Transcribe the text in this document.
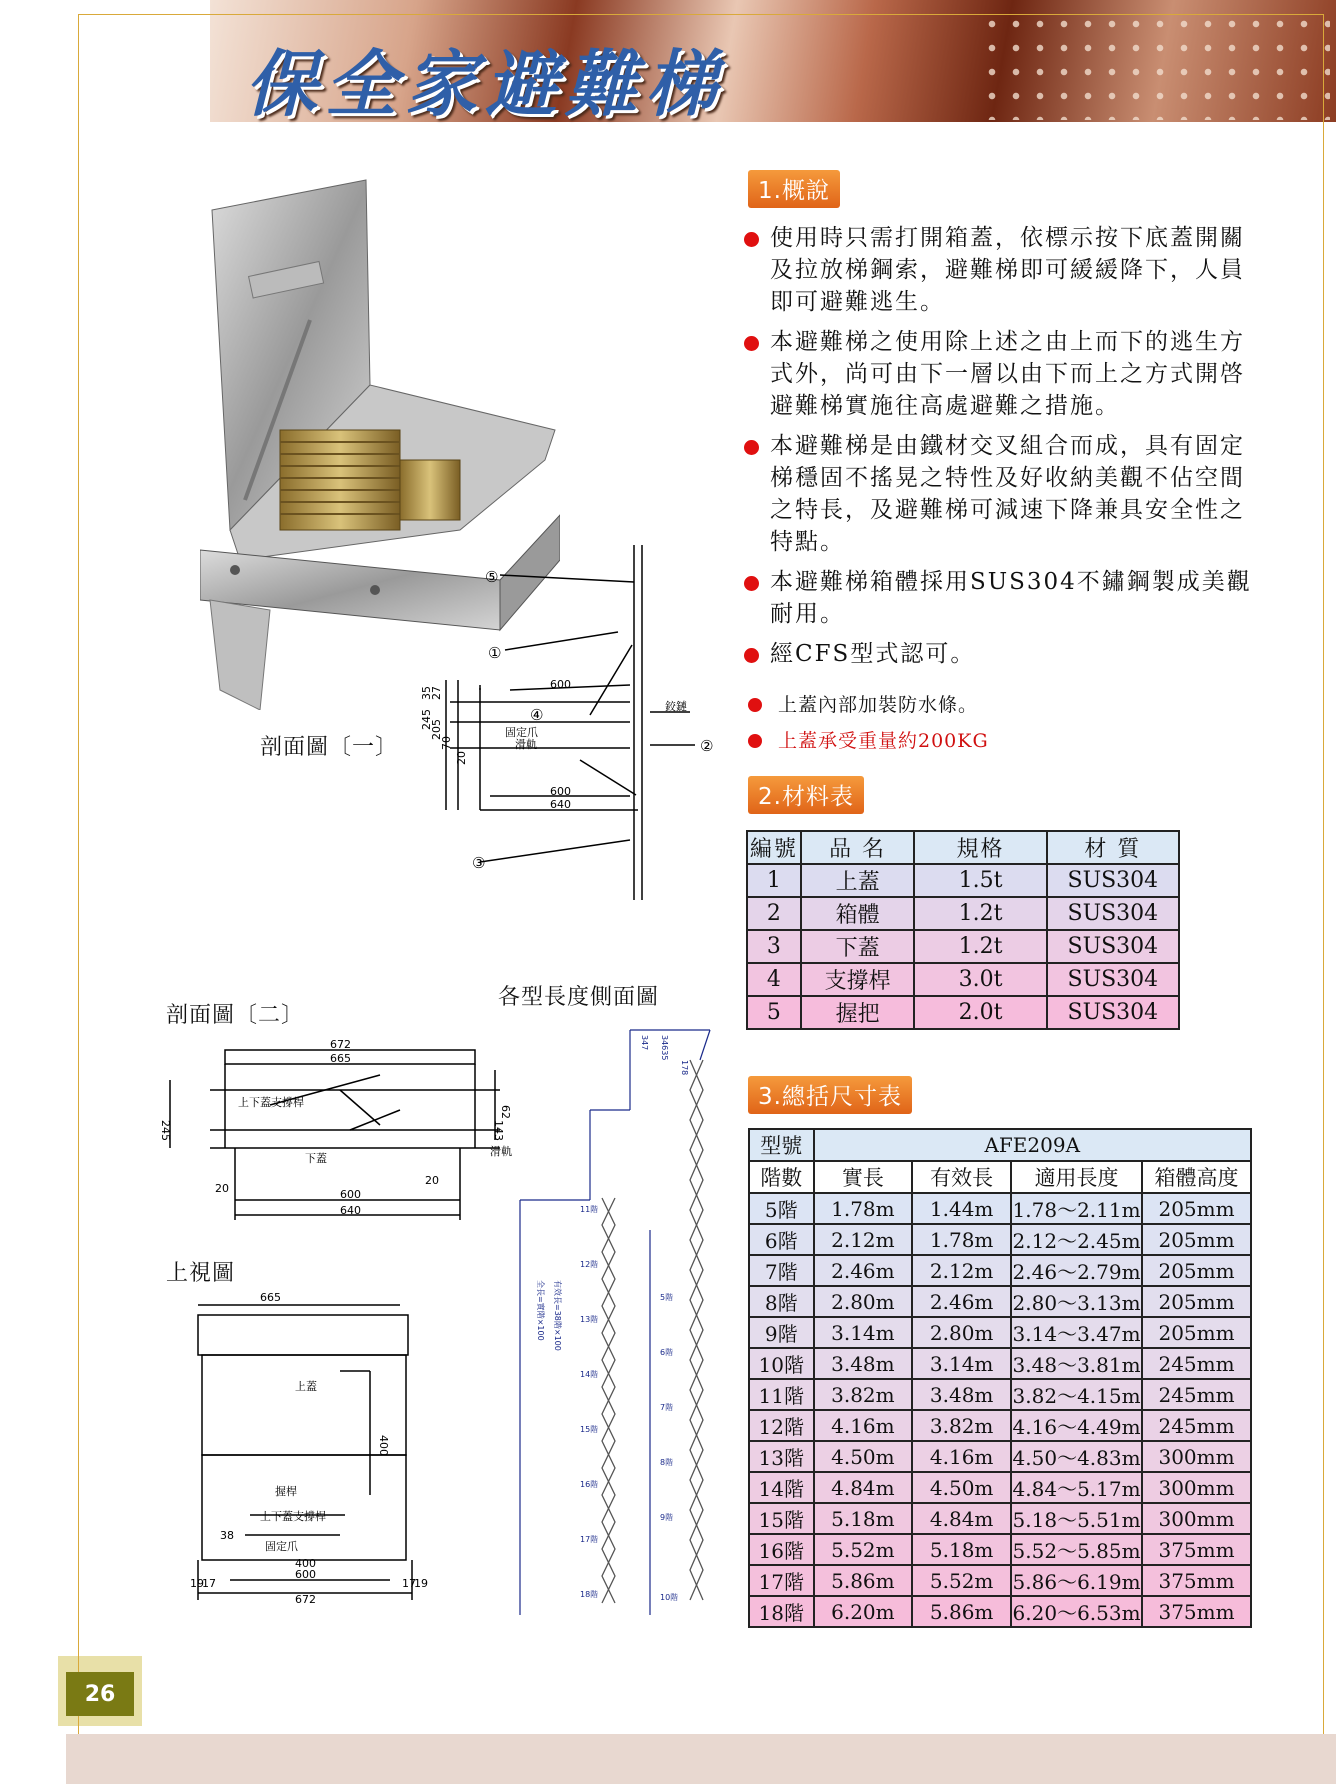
保全家避難梯
600
600
640
鉸鏈
固定爪
滑軌
35
27
245
205
70
20
④
②
③
⑤
①
剖面圖〔一〕
剖面圖〔二〕
672
665
600
640
上下蓋支撐桿
下蓋
滑軌
20
20
62
143
245
上視圖
665
上蓋
握桿
上下蓋支撐桿
固定爪
38
400
600
672
400
19
17	17
19
各型長度側面圖
11階
12階
13階
14階
15階
16階
17階
18階
5階
6階
7階
8階
9階
10階
347 34635
178
有效長=38階×100
全長=實階×100
1.概說
使用時只需打開箱蓋，依標示按下底蓋開關及拉放梯鋼索，避難梯即可緩緩降下，人員即可避難逃生。
本避難梯之使用除上述之由上而下的逃生方式外，尚可由下一層以由下而上之方式開啓避難梯實施往高處避難之措施。
本避難梯是由鐵材交叉組合而成，具有固定梯穩固不搖晃之特性及好收納美觀不佔空間之特長，及避難梯可減速下降兼具安全性之特點。
本避難梯箱體採用SUS304不鏽鋼製成美觀耐用。
經CFS型式認可。
上蓋內部加裝防水條。
上蓋承受重量約200KG
2.材料表
編號	品 名	規格	材 質
1	上蓋	1.5t	SUS304
2	箱體	1.2t	SUS304
3	下蓋	1.2t	SUS304
4	支撐桿	3.0t	SUS304
5	握把	2.0t	SUS304
3.總括尺寸表
型號	AFE209A			
階數	實長	有效長	適用長度	箱體高度
5階	1.78m	1.44m	1.78～2.11m	205mm
6階	2.12m	1.78m	2.12～2.45m	205mm
7階	2.46m	2.12m	2.46～2.79m	205mm
8階	2.80m	2.46m	2.80～3.13m	205mm
9階	3.14m	2.80m	3.14～3.47m	205mm
10階	3.48m	3.14m	3.48～3.81m	245mm
11階	3.82m	3.48m	3.82～4.15m	245mm
12階	4.16m	3.82m	4.16～4.49m	245mm
13階	4.50m	4.16m	4.50～4.83m	300mm
14階	4.84m	4.50m	4.84～5.17m	300mm
15階	5.18m	4.84m	5.18～5.51m	300mm
16階	5.52m	5.18m	5.52～5.85m	375mm
17階	5.86m	5.52m	5.86～6.19m	375mm
18階	6.20m	5.86m	6.20～6.53m	375mm
26
